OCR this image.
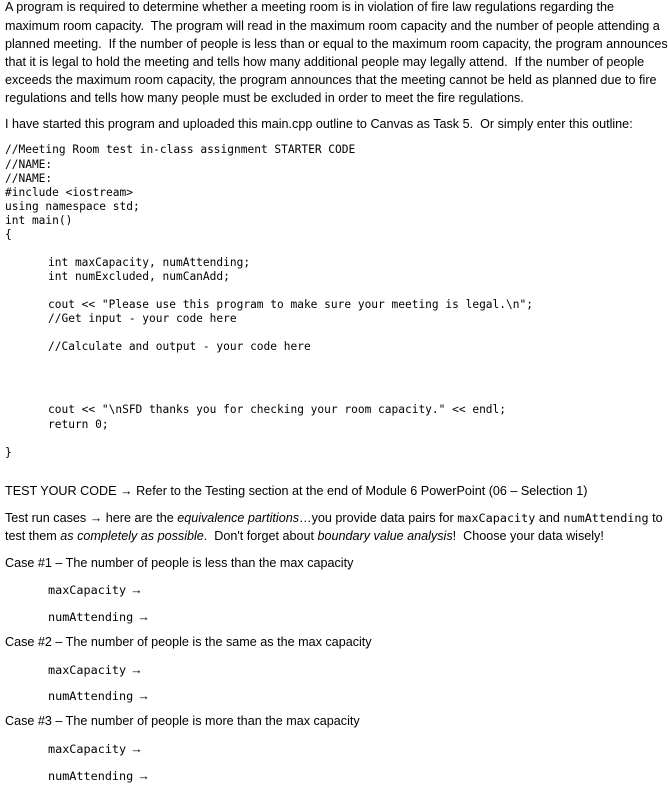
A program is required to determine whether a meeting room is in violation of fire law regulations regarding the
maximum room capacity.  The program will read in the maximum room capacity and the number of people attending a
planned meeting.  If the number of people is less than or equal to the maximum room capacity, the program announces
that it is legal to hold the meeting and tells how many additional people may legally attend.  If the number of people
exceeds the maximum room capacity, the program announces that the meeting cannot be held as planned due to fire
regulations and tells how many people must be excluded in order to meet the fire regulations.
I have started this program and uploaded this main.cpp outline to Canvas as Task 5.  Or simply enter this outline:
//Meeting Room test in-class assignment STARTER CODE
//NAME:
//NAME:
#include <iostream>
using namespace std;
int main()
{
int maxCapacity, numAttending;
int numExcluded, numCanAdd;
cout << "Please use this program to make sure your meeting is legal.\n";
//Get input - your code here
//Calculate and output - your code here
cout << "\nSFD thanks you for checking your room capacity." << endl;
return 0;
}
TEST YOUR CODE → Refer to the Testing section at the end of Module 6 PowerPoint (06 – Selection 1)
Test run cases → here are the equivalence partitions…you provide data pairs for maxCapacity and numAttending to
test them as completely as possible.  Don't forget about boundary value analysis!  Choose your data wisely!
Case #1 – The number of people is less than the max capacity
maxCapacity →
numAttending →
Case #2 – The number of people is the same as the max capacity
maxCapacity →
numAttending →
Case #3 – The number of people is more than the max capacity
maxCapacity →
numAttending →
